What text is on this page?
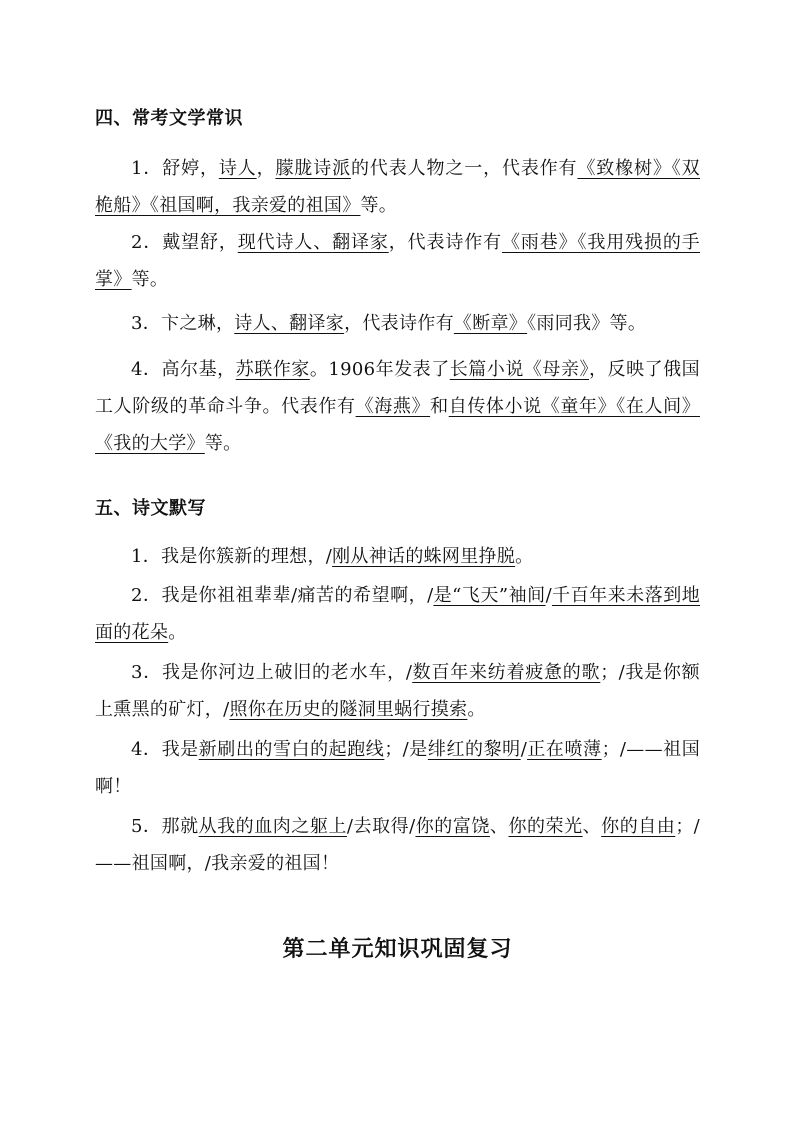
四、常考文学常识

1．舒婷，诗人，朦胧诗派的代表人物之一，代表作有《致橡树》《双桅船》《祖国啊，我亲爱的祖国》等。

2．戴望舒，现代诗人、翻译家，代表诗作有《雨巷》《我用残损的手掌》等。

3．卞之琳，诗人、翻译家，代表诗作有《断章》《雨同我》等。

4．高尔基，苏联作家。1906年发表了长篇小说《母亲》，反映了俄国工人阶级的革命斗争。代表作有《海燕》和自传体小说《童年》《在人间》《我的大学》等。

五、诗文默写

1．我是你簇新的理想，/刚从神话的蛛网里挣脱。

2．我是你祖祖辈辈/痛苦的希望啊，/是“飞天”袖间/千百年来未落到地面的花朵。

3．我是你河边上破旧的老水车，/数百年来纺着疲惫的歌；/我是你额上熏黑的矿灯，/照你在历史的隧洞里蜗行摸索。

4．我是新刷出的雪白的起跑线；/是绯红的黎明/正在喷薄；/——祖国啊！

5．那就从我的血肉之躯上/去取得/你的富饶、你的荣光、你的自由；/——祖国啊，/我亲爱的祖国！

第二单元知识巩固复习
